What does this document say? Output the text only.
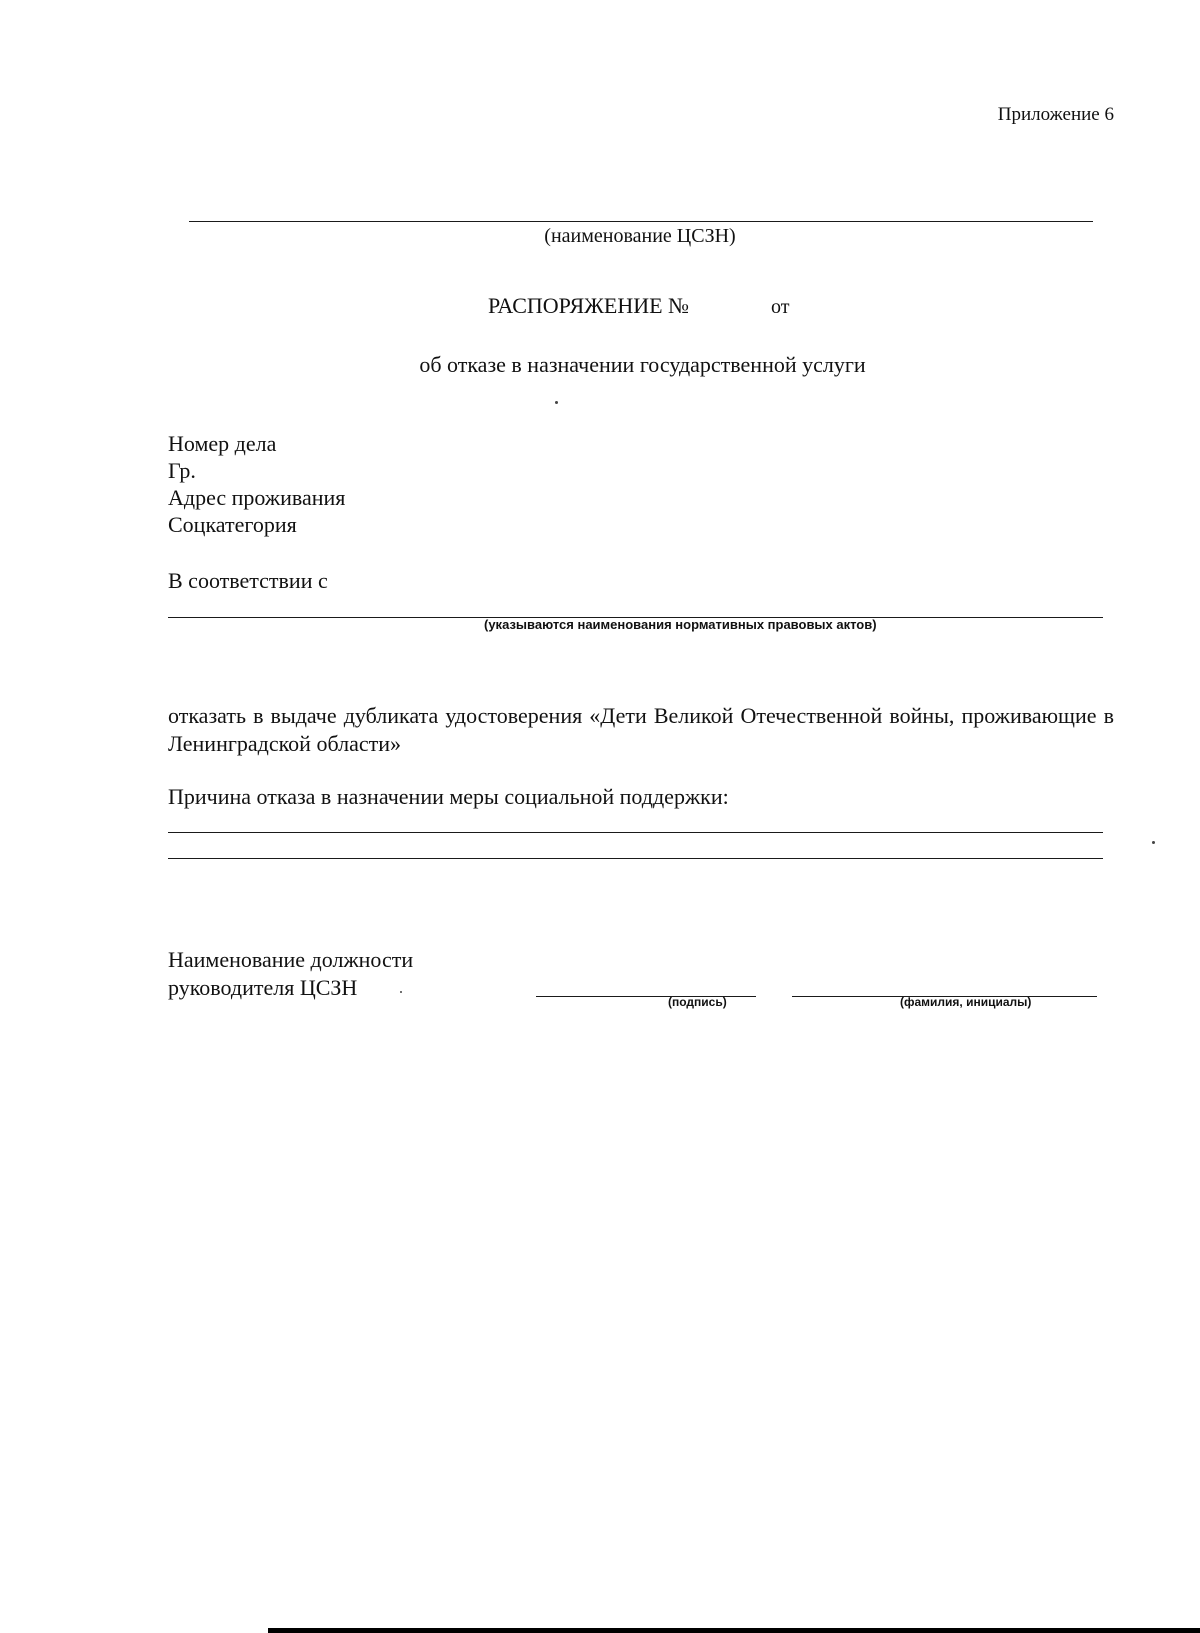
Приложение 6
(наименование ЦСЗН)
РАСПОРЯЖЕНИЕ №	от
об отказе в назначении государственной услуги
Номер дела
Гр.
Адрес проживания
Соцкатегория
В соответствии с
(указываются наименования нормативных правовых актов)
отказать в выдаче дубликата удостоверения «Дети Великой Отечественной войны, проживающие в Ленинградской области»
Причина отказа в назначении меры социальной поддержки:
Наименование должности
руководителя ЦСЗН
(подпись)	(фамилия, инициалы)
